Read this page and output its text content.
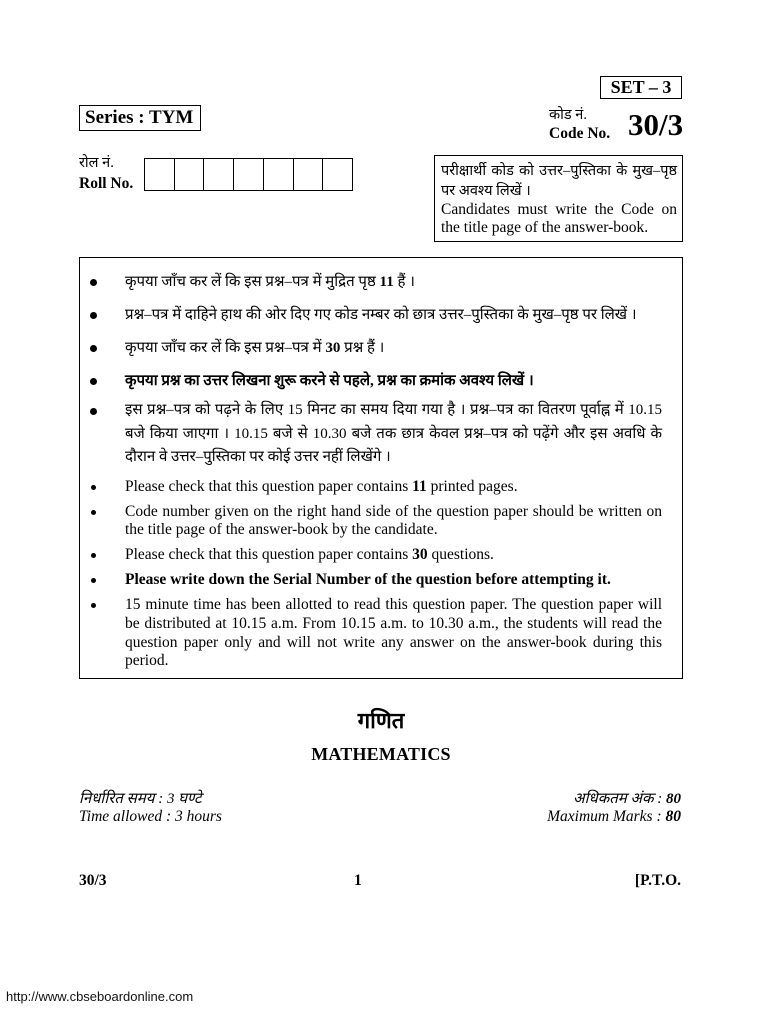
SET – 3
Series : TYM	कोड नं.
Code No. 30/3
रोल नं.
Roll No.
परीक्षार्थी कोड को उत्तर–पुस्तिका के मुख–पृष्ठ पर अवश्य लिखें ।
Candidates must write the Code on the title page of the answer-book.
कृपया जाँच कर लें कि इस प्रश्न–पत्र में मुद्रित पृष्ठ 11 हैं ।
प्रश्न–पत्र में दाहिने हाथ की ओर दिए गए कोड नम्बर को छात्र उत्तर–पुस्तिका के मुख–पृष्ठ पर लिखें ।
कृपया जाँच कर लें कि इस प्रश्न–पत्र में 30 प्रश्न हैं ।
कृपया प्रश्न का उत्तर लिखना शुरू करने से पहले, प्रश्न का क्रमांक अवश्य लिखें ।
इस प्रश्न–पत्र को पढ़ने के लिए 15 मिनट का समय दिया गया है । प्रश्न–पत्र का वितरण पूर्वाह्न में 10.15 बजे किया जाएगा । 10.15 बजे से 10.30 बजे तक छात्र केवल प्रश्न–पत्र को पढ़ेंगे और इस अवधि के दौरान वे उत्तर–पुस्तिका पर कोई उत्तर नहीं लिखेंगे ।
Please check that this question paper contains 11 printed pages.
Code number given on the right hand side of the question paper should be written on the title page of the answer-book by the candidate.
Please check that this question paper contains 30 questions.
Please write down the Serial Number of the question before attempting it.
15 minute time has been allotted to read this question paper. The question paper will be distributed at 10.15 a.m. From 10.15 a.m. to 10.30 a.m., the students will read the question paper only and will not write any answer on the answer-book during this period.
गणित
MATHEMATICS
निर्धारित समय : 3 घण्टे
Time allowed : 3 hours
अधिकतम अंक : 80
Maximum Marks : 80
30/3	1	[P.T.O.
http://www.cbseboardonline.com
